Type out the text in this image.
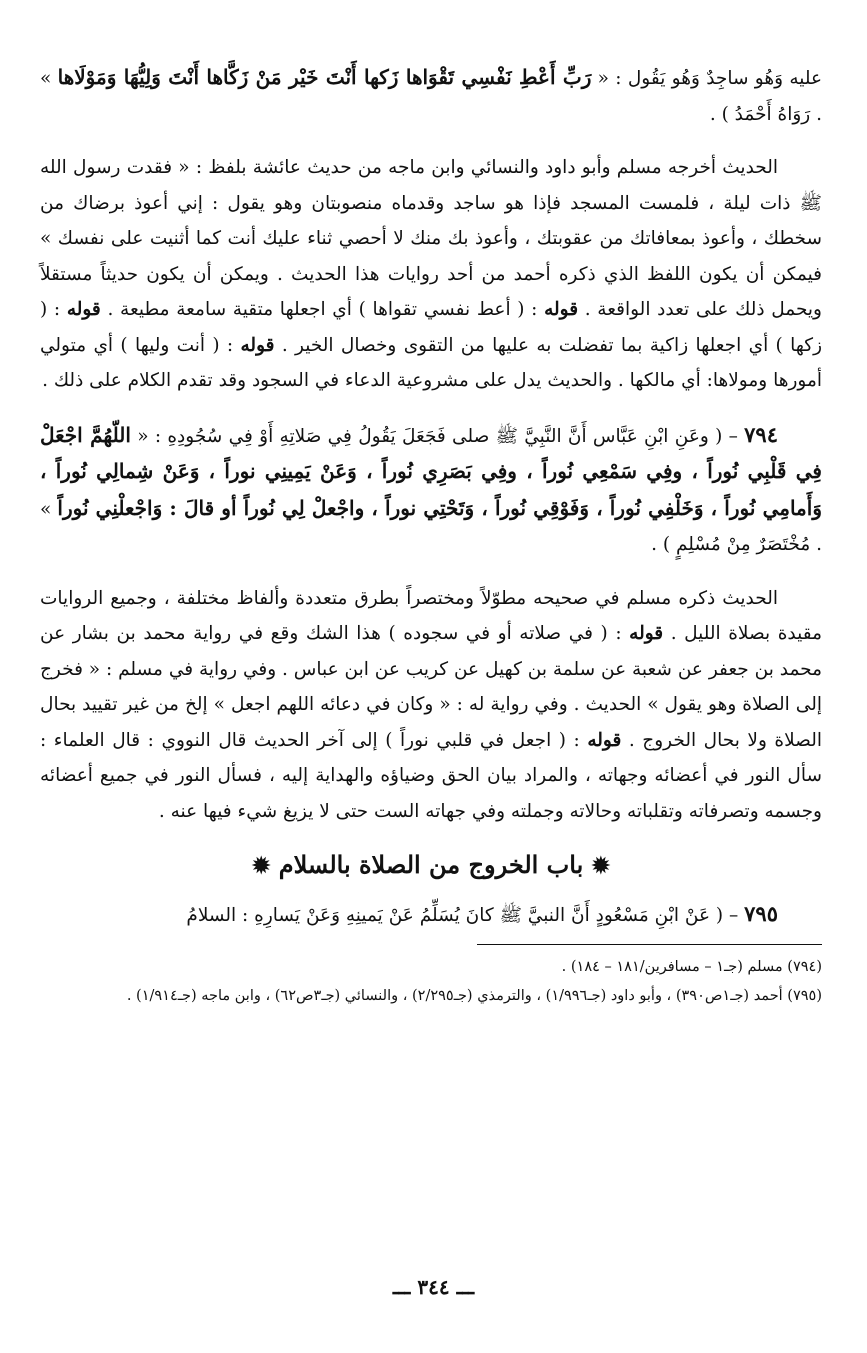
عليه وَهُو ساجِدٌ وَهُو يَقُول : « رَبِّ أَعْطِ نَفْسِي تَقْوَاها زَكها أَنْتَ خَيْر مَنْ زَكَّاها أَنْتَ وَلِيُّهَا وَمَوْلَاها » . رَوَاهُ أَحْمَدُ ) .

الحديث أخرجه مسلم وأبو داود والنسائي وابن ماجه من حديث عائشة بلفظ : « فقدت رسول الله ﷺ ذات ليلة ، فلمست المسجد فإذا هو ساجد وقدماه منصوبتان وهو يقول : إني أعوذ برضاك من سخطك ، وأعوذ بمعافاتك من عقوبتك ، وأعوذ بك منك لا أحصي ثناء عليك أنت كما أثنيت على نفسك » فيمكن أن يكون اللفظ الذي ذكره أحمد من أحد روايات هذا الحديث . ويمكن أن يكون حديثاً مستقلاً ويحمل ذلك على تعدد الواقعة . قوله : ( أعط نفسي تقواها ) أي اجعلها متقية سامعة مطيعة . قوله : ( زكها ) أي اجعلها زاكية بما تفضلت به عليها من التقوى وخصال الخير . قوله : ( أنت وليها ) أي متولي أمورها ومولاها: أي مالكها . والحديث يدل على مشروعية الدعاء في السجود وقد تقدم الكلام على ذلك .

٧٩٤ – ( وعَنِ ابْنِ عَبَّاس أَنَّ النَّبِيَّ ﷺ صلى فَجَعَلَ يَقُولُ فِي صَلاتِهِ أَوْ فِي سُجُودِهِ : « اللّهُمَّ اجْعَلْ فِي قَلْبِي نُوراً ، وفِي سَمْعِي نُوراً ، وفِي بَصَرِي نُوراً ، وَعَنْ يَمِينِي نوراً ، وَعَنْ شِمالِي نُوراً ، وَأَمامِي نُوراً ، وَخَلْفِي نُوراً ، وَفَوْقِي نُوراً ، وَتَحْتِي نوراً ، واجْعلْ لِي نُوراً أو قالَ : وَاجْعلْنِي نُوراً » . مُخْتَصَرٌ مِنْ مُسْلِمٍ ) .

الحديث ذكره مسلم في صحيحه مطوّلاً ومختصراً بطرق متعددة وألفاظ مختلفة ، وجميع الروايات مقيدة بصلاة الليل . قوله : ( في صلاته أو في سجوده ) هذا الشك وقع في رواية محمد بن بشار عن محمد بن جعفر عن شعبة عن سلمة بن كهيل عن كريب عن ابن عباس . وفي رواية في مسلم : « فخرج إلى الصلاة وهو يقول » الحديث . وفي رواية له : « وكان في دعائه اللهم اجعل » إلخ من غير تقييد بحال الصلاة ولا بحال الخروج . قوله : ( اجعل في قلبي نوراً ) إلى آخر الحديث قال النووي : قال العلماء : سأل النور في أعضائه وجهاته ، والمراد بيان الحق وضياؤه والهداية إليه ، فسأل النور في جميع أعضائه وجسمه وتصرفاته وتقلباته وحالاته وجملته وفي جهاته الست حتى لا يزيغ شيء فيها عنه .

✹ باب الخروج من الصلاة بالسلام ✹

٧٩٥ – ( عَنْ ابْنِ مَسْعُودٍ أَنَّ النبيَّ ﷺ كانَ يُسَلِّمُ عَنْ يَمينِهِ وَعَنْ يَسارِهِ : السلامُ

(٧٩٤) مسلم (جـ١ – مسافرين/١٨١ – ١٨٤) .

(٧٩٥) أحمد (جـ١ص٣٩٠) ، وأبو داود (جـ١/٩٩٦) ، والترمذي (جـ٢/٢٩٥) ، والنسائي (جـ٣ص٦٢) ، وابن ماجه (جـ١/٩١٤) .

ـــ ٣٤٤ ـــ
